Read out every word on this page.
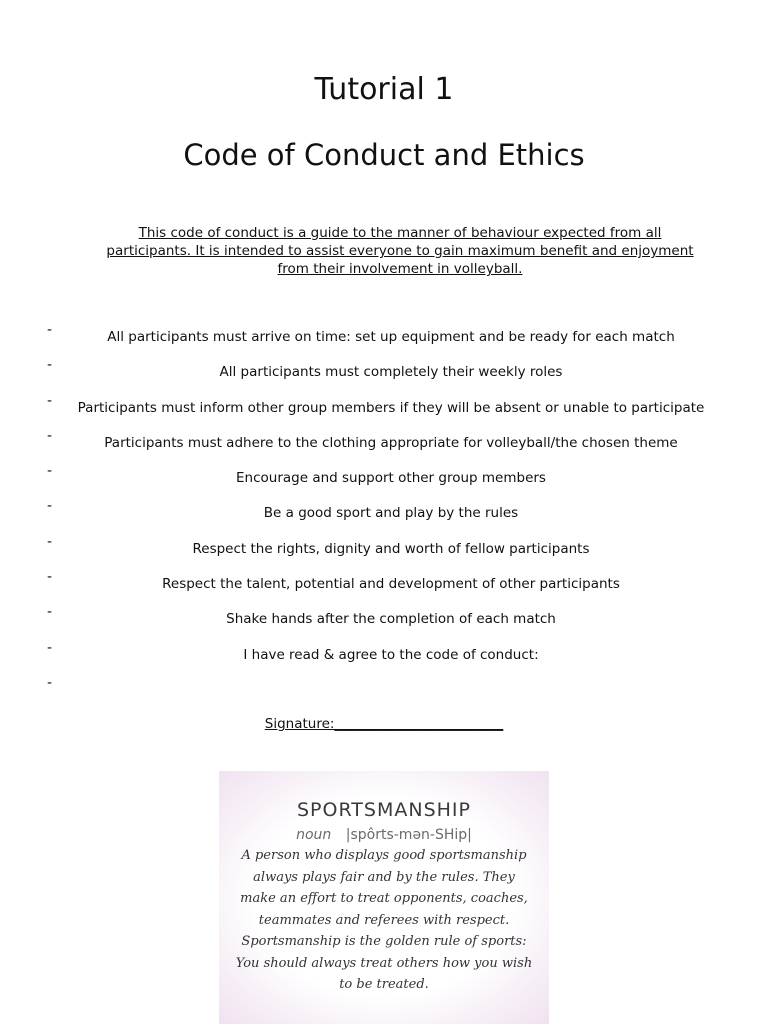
Tutorial 1
Code of Conduct and Ethics
This code of conduct is a guide to the manner of behaviour expected from all participants. It is intended to assist everyone to gain maximum benefit and enjoyment from their involvement in volleyball.
-	All participants must arrive on time: set up equipment and be ready for each match
-	All participants must completely their weekly roles
-	Participants must inform other group members if they will be absent or unable to participate
-	Participants must adhere to the clothing appropriate for volleyball/the chosen theme
-	Encourage and support other group members
-	Be a good sport and play by the rules
-	Respect the rights, dignity and worth of fellow participants
-	Respect the talent, potential and development of other participants
-	Shake hands after the completion of each match
-	I have read & agree to the code of conduct:
-
Signature:_________________________
SPORTSMANSHIP
noun |spôrts-mən-SHip|
A person who displays good sportsmanship always plays fair and by the rules. They make an effort to treat opponents, coaches, teammates and referees with respect. Sportsmanship is the golden rule of sports: You should always treat others how you wish to be treated.
